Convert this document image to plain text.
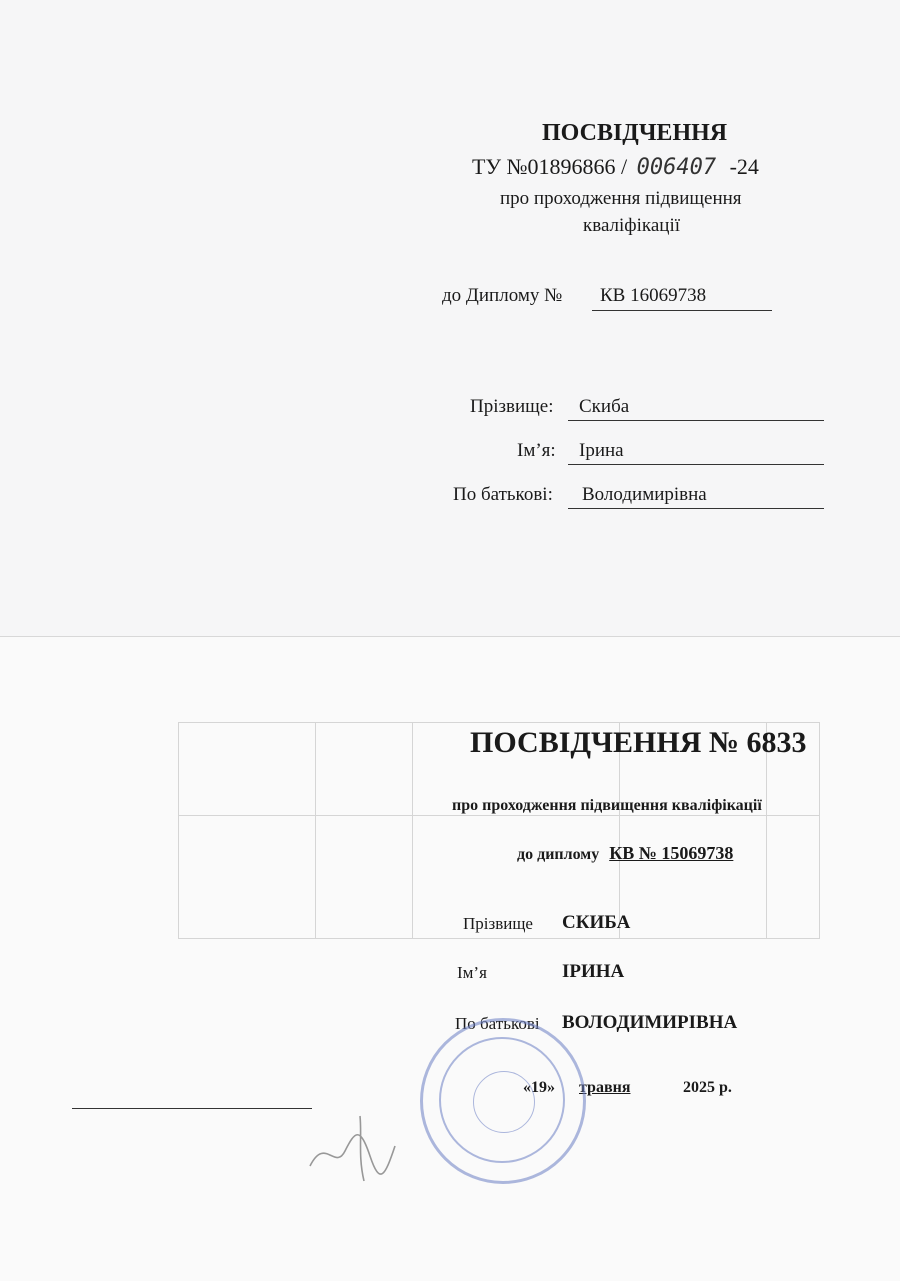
ПОСВІДЧЕННЯ
ТУ №01896866 / 006407 -24
про проходження підвищення
кваліфікації
до Диплому № КВ 16069738
Прізвище: Скиба
Ім’я: Ірина
По батькові: Володимирівна

ПОСВІДЧЕННЯ № 6833
про проходження підвищення кваліфікації
до диплому КВ № 15069738
Прізвище СКИБА
Ім’я	ІРИНА
По батькові ВОЛОДИМИРІВНА
«19» травня	2025 р.
